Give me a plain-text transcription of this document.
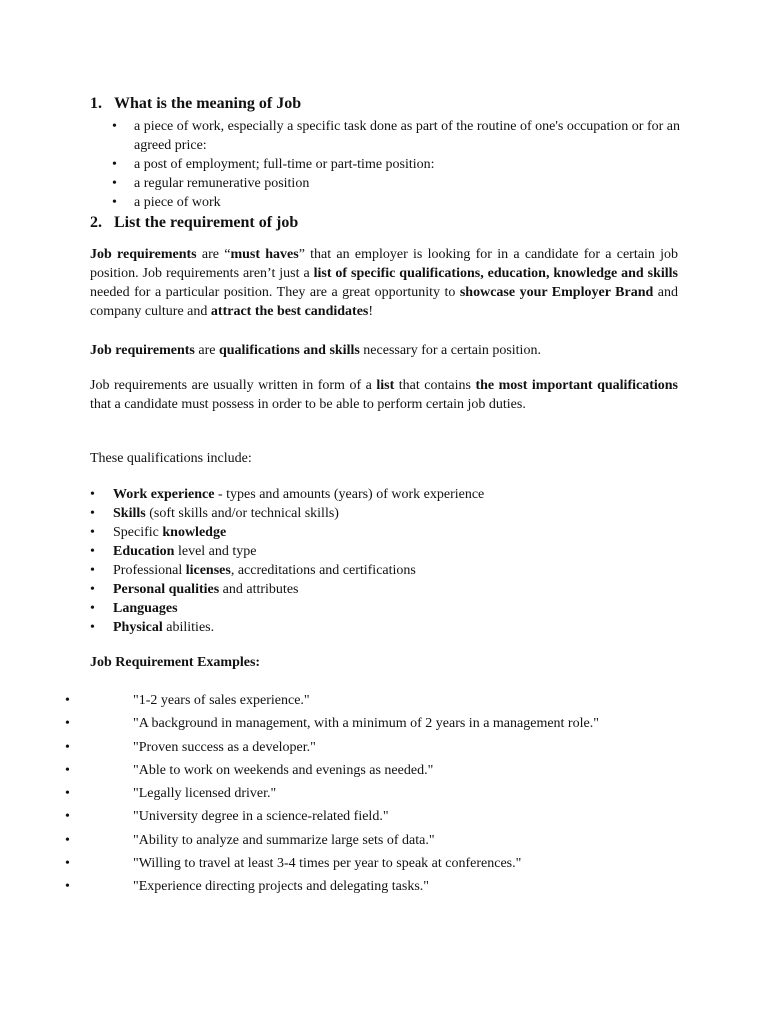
1. What is the meaning of Job
• a piece of work, especially a specific task done as part of the routine of one's occupation or for an agreed price:
• a post of employment; full-time or part-time position:
• a regular remunerative position
• a piece of work
2. List the requirement of job
Job requirements are “must haves” that an employer is looking for in a candidate for a certain job position. Job requirements aren’t just a list of specific qualifications, education, knowledge and skills needed for a particular position. They are a great opportunity to showcase your Employer Brand and company culture and attract the best candidates!
Job requirements are qualifications and skills necessary for a certain position.
Job requirements are usually written in form of a list that contains the most important qualifications that a candidate must possess in order to be able to perform certain job duties.
These qualifications include:
• Work experience - types and amounts (years) of work experience
• Skills (soft skills and/or technical skills)
• Specific knowledge
• Education level and type
• Professional licenses, accreditations and certifications
• Personal qualities and attributes
• Languages
• Physical abilities.
Job Requirement Examples:
•	"1-2 years of sales experience."
•	"A background in management, with a minimum of 2 years in a management role."
•	"Proven success as a developer."
•	"Able to work on weekends and evenings as needed."
•	"Legally licensed driver."
•	"University degree in a science-related field."
•	"Ability to analyze and summarize large sets of data."
•	"Willing to travel at least 3-4 times per year to speak at conferences."
•	"Experience directing projects and delegating tasks."
